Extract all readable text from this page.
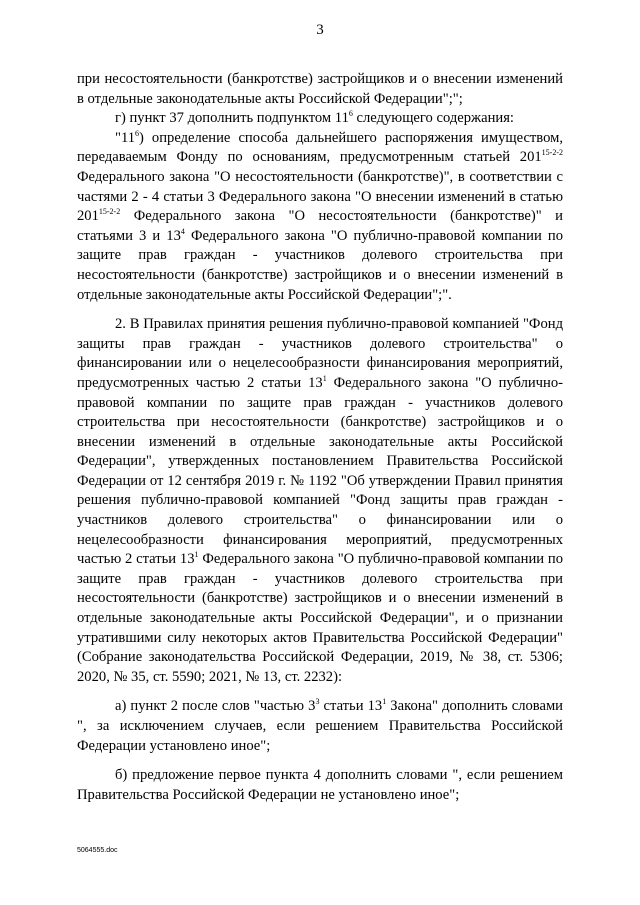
3

при несостоятельности (банкротстве) застройщиков и о внесении изменений в отдельные законодательные акты Российской Федерации";";

г) пункт 37 дополнить подпунктом $11^6$ следующего содержания:

"$11^6$) определение способа дальнейшего распоряжения имуществом, передаваемым Фонду по основаниям, предусмотренным статьей 201$^{15-2-2}$ Федерального закона "О несостоятельности (банкротстве)", в соответствии с частями 2 - 4 статьи 3 Федерального закона "О внесении изменений в статью 201$^{15-2-2}$ Федерального закона "О несостоятельности (банкротстве)" и статьями 3 и $13^4$ Федерального закона "О публично-правовой компании по защите прав граждан - участников долевого строительства при несостоятельности (банкротстве) застройщиков и о внесении изменений в отдельные законодательные акты Российской Федерации";".

2. В Правилах принятия решения публично-правовой компанией "Фонд защиты прав граждан - участников долевого строительства" о финансировании или о нецелесообразности финансирования мероприятий, предусмотренных частью 2 статьи $13^1$ Федерального закона "О публично-правовой компании по защите прав граждан - участников долевого строительства при несостоятельности (банкротстве) застройщиков и о внесении изменений в отдельные законодательные акты Российской Федерации", утвержденных постановлением Правительства Российской Федерации от 12 сентября 2019 г. № 1192 "Об утверждении Правил принятия решения публично-правовой компанией "Фонд защиты прав граждан - участников долевого строительства" о финансировании или о нецелесообразности финансирования мероприятий, предусмотренных частью 2 статьи $13^1$ Федерального закона "О публично-правовой компании по защите прав граждан - участников долевого строительства при несостоятельности (банкротстве) застройщиков и о внесении изменений в отдельные законодательные акты Российской Федерации", и о признании утратившими силу некоторых актов Правительства Российской Федерации" (Собрание законодательства Российской Федерации, 2019, № 38, ст. 5306; 2020, № 35, ст. 5590; 2021, № 13, ст. 2232):

а) пункт 2 после слов "частью $3^3$ статьи $13^1$ Закона" дополнить словами ", за исключением случаев, если решением Правительства Российской Федерации установлено иное";

б) предложение первое пункта 4 дополнить словами ", если решением Правительства Российской Федерации не установлено иное";

5064555.doc
